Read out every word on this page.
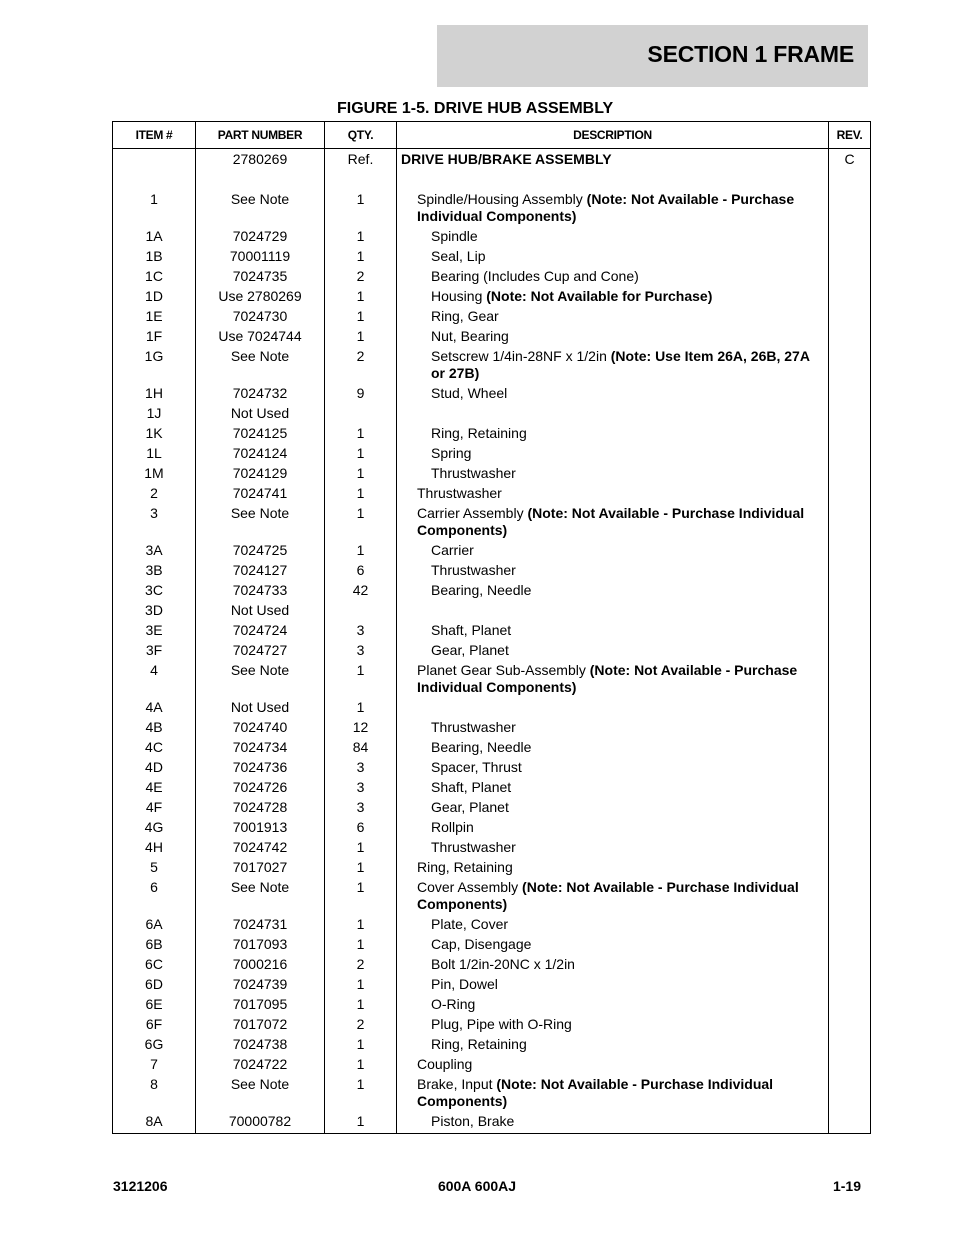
SECTION 1 FRAME
FIGURE 1-5. DRIVE HUB ASSEMBLY
ITEM #	PART NUMBER	QTY.	DESCRIPTION	REV.
	2780269	Ref.	DRIVE HUB/BRAKE ASSEMBLY	C

1	See Note	1	Spindle/Housing Assembly (Note: Not Available - Purchase Individual Components)	
1A	7024729	1	Spindle	
1B	70001119	1	Seal, Lip	
1C	7024735	2	Bearing (Includes Cup and Cone)	
1D	Use 2780269	1	Housing (Note: Not Available for Purchase)	
1E	7024730	1	Ring, Gear	
1F	Use 7024744	1	Nut, Bearing	
1G	See Note	2	Setscrew 1/4in-28NF x 1/2in (Note: Use Item 26A, 26B, 27A or 27B)	
1H	7024732	9	Stud, Wheel	
1J	Not Used			
1K	7024125	1	Ring, Retaining	
1L	7024124	1	Spring	
1M	7024129	1	Thrustwasher	
2	7024741	1	Thrustwasher	
3	See Note	1	Carrier Assembly (Note: Not Available - Purchase Individual Components)	
3A	7024725	1	Carrier	
3B	7024127	6	Thrustwasher	
3C	7024733	42	Bearing, Needle	
3D	Not Used			
3E	7024724	3	Shaft, Planet	
3F	7024727	3	Gear, Planet	
4	See Note	1	Planet Gear Sub-Assembly (Note: Not Available - Purchase Individual Components)	
4A	Not Used	1		
4B	7024740	12	Thrustwasher	
4C	7024734	84	Bearing, Needle	
4D	7024736	3	Spacer, Thrust	
4E	7024726	3	Shaft, Planet	
4F	7024728	3	Gear, Planet	
4G	7001913	6	Rollpin	
4H	7024742	1	Thrustwasher	
5	7017027	1	Ring, Retaining	
6	See Note	1	Cover Assembly (Note: Not Available - Purchase Individual Components)	
6A	7024731	1	Plate, Cover	
6B	7017093	1	Cap, Disengage	
6C	7000216	2	Bolt 1/2in-20NC x 1/2in	
6D	7024739	1	Pin, Dowel	
6E	7017095	1	O-Ring	
6F	7017072	2	Plug, Pipe with O-Ring	
6G	7024738	1	Ring, Retaining	
7	7024722	1	Coupling	
8	See Note	1	Brake, Input (Note: Not Available - Purchase Individual Components)	
8A	70000782	1	Piston, Brake	
3121206	600A 600AJ	1-19
